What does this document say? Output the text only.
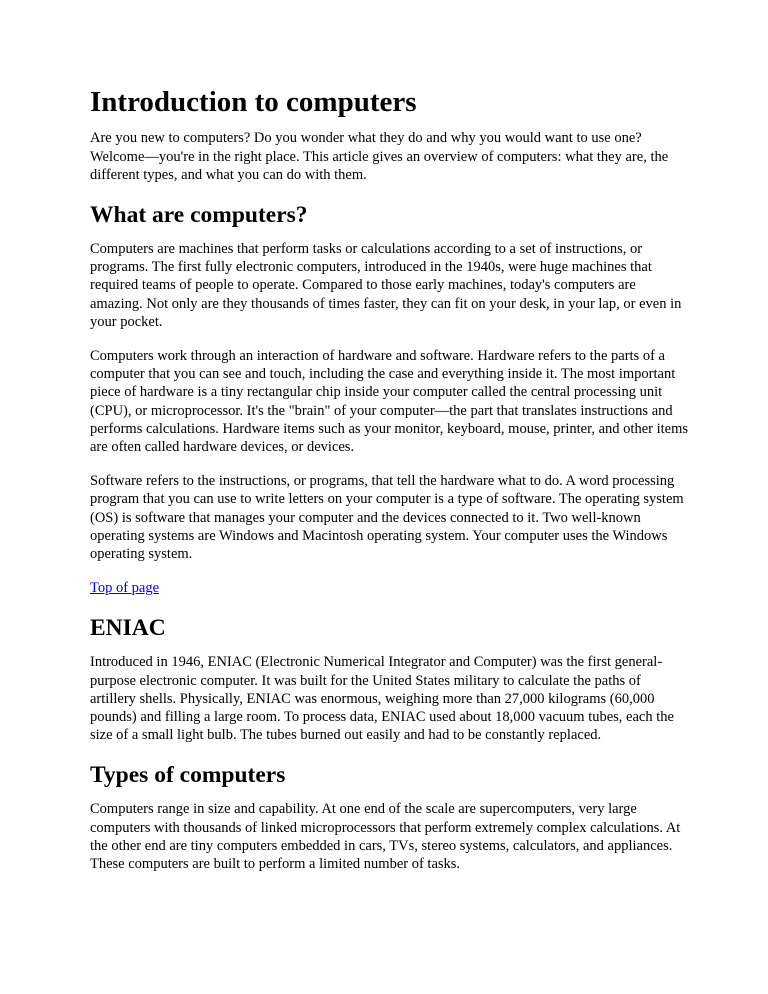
Introduction to computers

Are you new to computers? Do you wonder what they do and why you would want to use one? Welcome—you're in the right place. This article gives an overview of computers: what they are, the different types, and what you can do with them.

What are computers?

Computers are machines that perform tasks or calculations according to a set of instructions, or programs. The first fully electronic computers, introduced in the 1940s, were huge machines that required teams of people to operate. Compared to those early machines, today's computers are amazing. Not only are they thousands of times faster, they can fit on your desk, in your lap, or even in your pocket.

Computers work through an interaction of hardware and software. Hardware refers to the parts of a computer that you can see and touch, including the case and everything inside it. The most important piece of hardware is a tiny rectangular chip inside your computer called the central processing unit (CPU), or microprocessor. It's the "brain" of your computer—the part that translates instructions and performs calculations. Hardware items such as your monitor, keyboard, mouse, printer, and other items are often called hardware devices, or devices.

Software refers to the instructions, or programs, that tell the hardware what to do. A word processing program that you can use to write letters on your computer is a type of software. The operating system (OS) is software that manages your computer and the devices connected to it. Two well-known operating systems are Windows and Macintosh operating system. Your computer uses the Windows operating system.

Top of page

ENIAC

Introduced in 1946, ENIAC (Electronic Numerical Integrator and Computer) was the first general-purpose electronic computer. It was built for the United States military to calculate the paths of artillery shells. Physically, ENIAC was enormous, weighing more than 27,000 kilograms (60,000 pounds) and filling a large room. To process data, ENIAC used about 18,000 vacuum tubes, each the size of a small light bulb. The tubes burned out easily and had to be constantly replaced.

Types of computers

Computers range in size and capability. At one end of the scale are supercomputers, very large computers with thousands of linked microprocessors that perform extremely complex calculations. At the other end are tiny computers embedded in cars, TVs, stereo systems, calculators, and appliances. These computers are built to perform a limited number of tasks.
